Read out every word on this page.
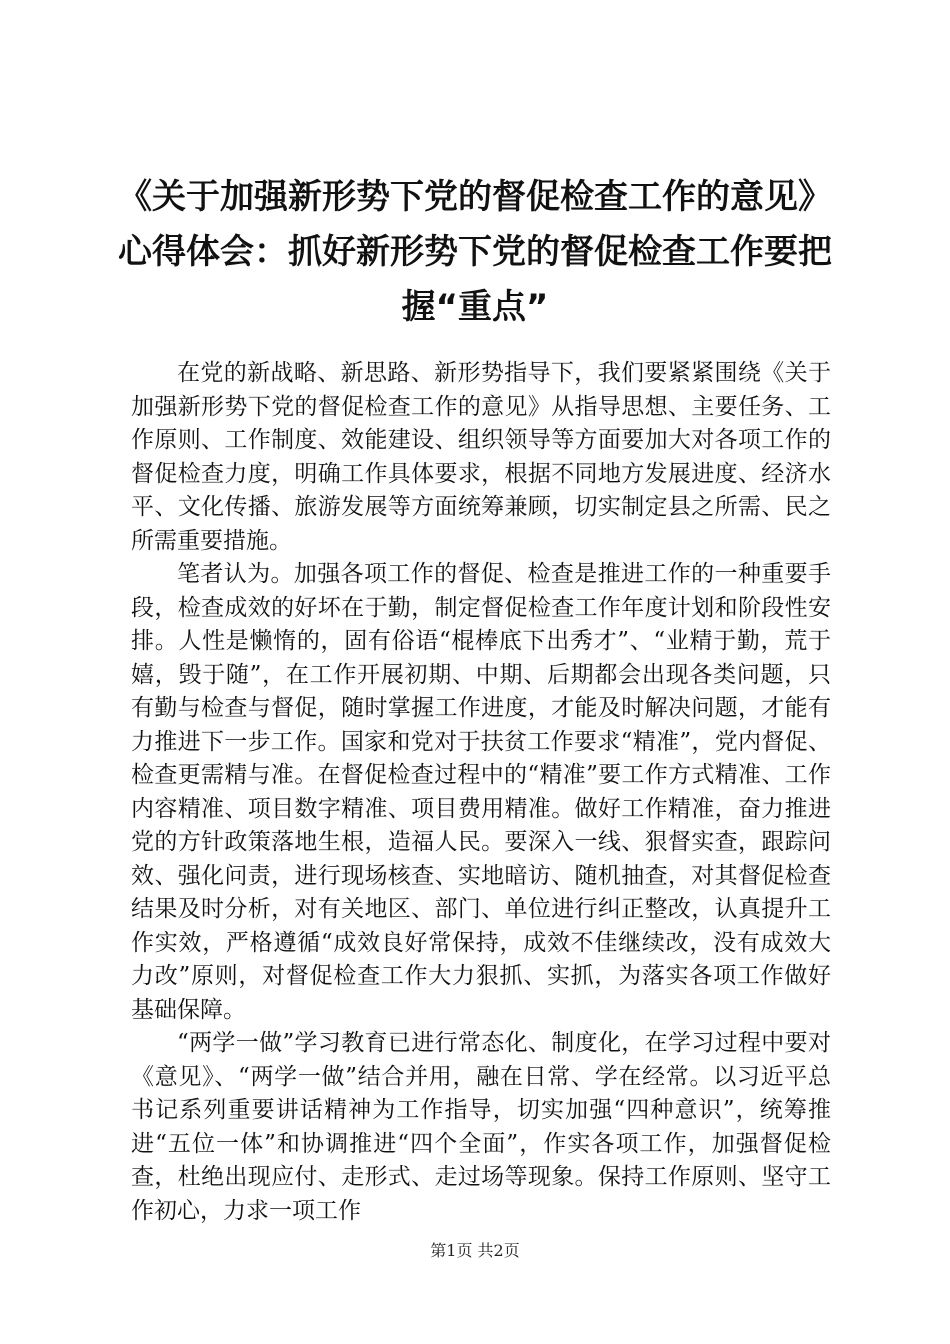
《关于加强新形势下党的督促检查工作的意见》心得体会：抓好新形势下党的督促检查工作要把握“重点”

在党的新战略、新思路、新形势指导下，我们要紧紧围绕《关于加强新形势下党的督促检查工作的意见》从指导思想、主要任务、工作原则、工作制度、效能建设、组织领导等方面要加大对各项工作的督促检查力度，明确工作具体要求，根据不同地方发展进度、经济水平、文化传播、旅游发展等方面统筹兼顾，切实制定县之所需、民之所需重要措施。

笔者认为。加强各项工作的督促、检查是推进工作的一种重要手段，检查成效的好坏在于勤，制定督促检查工作年度计划和阶段性安排。人性是懒惰的，固有俗语“棍棒底下出秀才”、“业精于勤，荒于嬉，毁于随”，在工作开展初期、中期、后期都会出现各类问题，只有勤与检查与督促，随时掌握工作进度，才能及时解决问题，才能有力推进下一步工作。国家和党对于扶贫工作要求“精准”，党内督促、检查更需精与准。在督促检查过程中的“精准”要工作方式精准、工作内容精准、项目数字精准、项目费用精准。做好工作精准，奋力推进党的方针政策落地生根，造福人民。要深入一线、狠督实查，跟踪问效、强化问责，进行现场核查、实地暗访、随机抽查，对其督促检查结果及时分析，对有关地区、部门、单位进行纠正整改，认真提升工作实效，严格遵循“成效良好常保持，成效不佳继续改，没有成效大力改”原则，对督促检查工作大力狠抓、实抓，为落实各项工作做好基础保障。

“两学一做”学习教育已进行常态化、制度化，在学习过程中要对《意见》、“两学一做”结合并用，融在日常、学在经常。以习近平总书记系列重要讲话精神为工作指导，切实加强“四种意识”，统筹推进“五位一体”和协调推进“四个全面”，作实各项工作，加强督促检查，杜绝出现应付、走形式、走过场等现象。保持工作原则、坚守工作初心，力求一项工作

第1页 共2页
